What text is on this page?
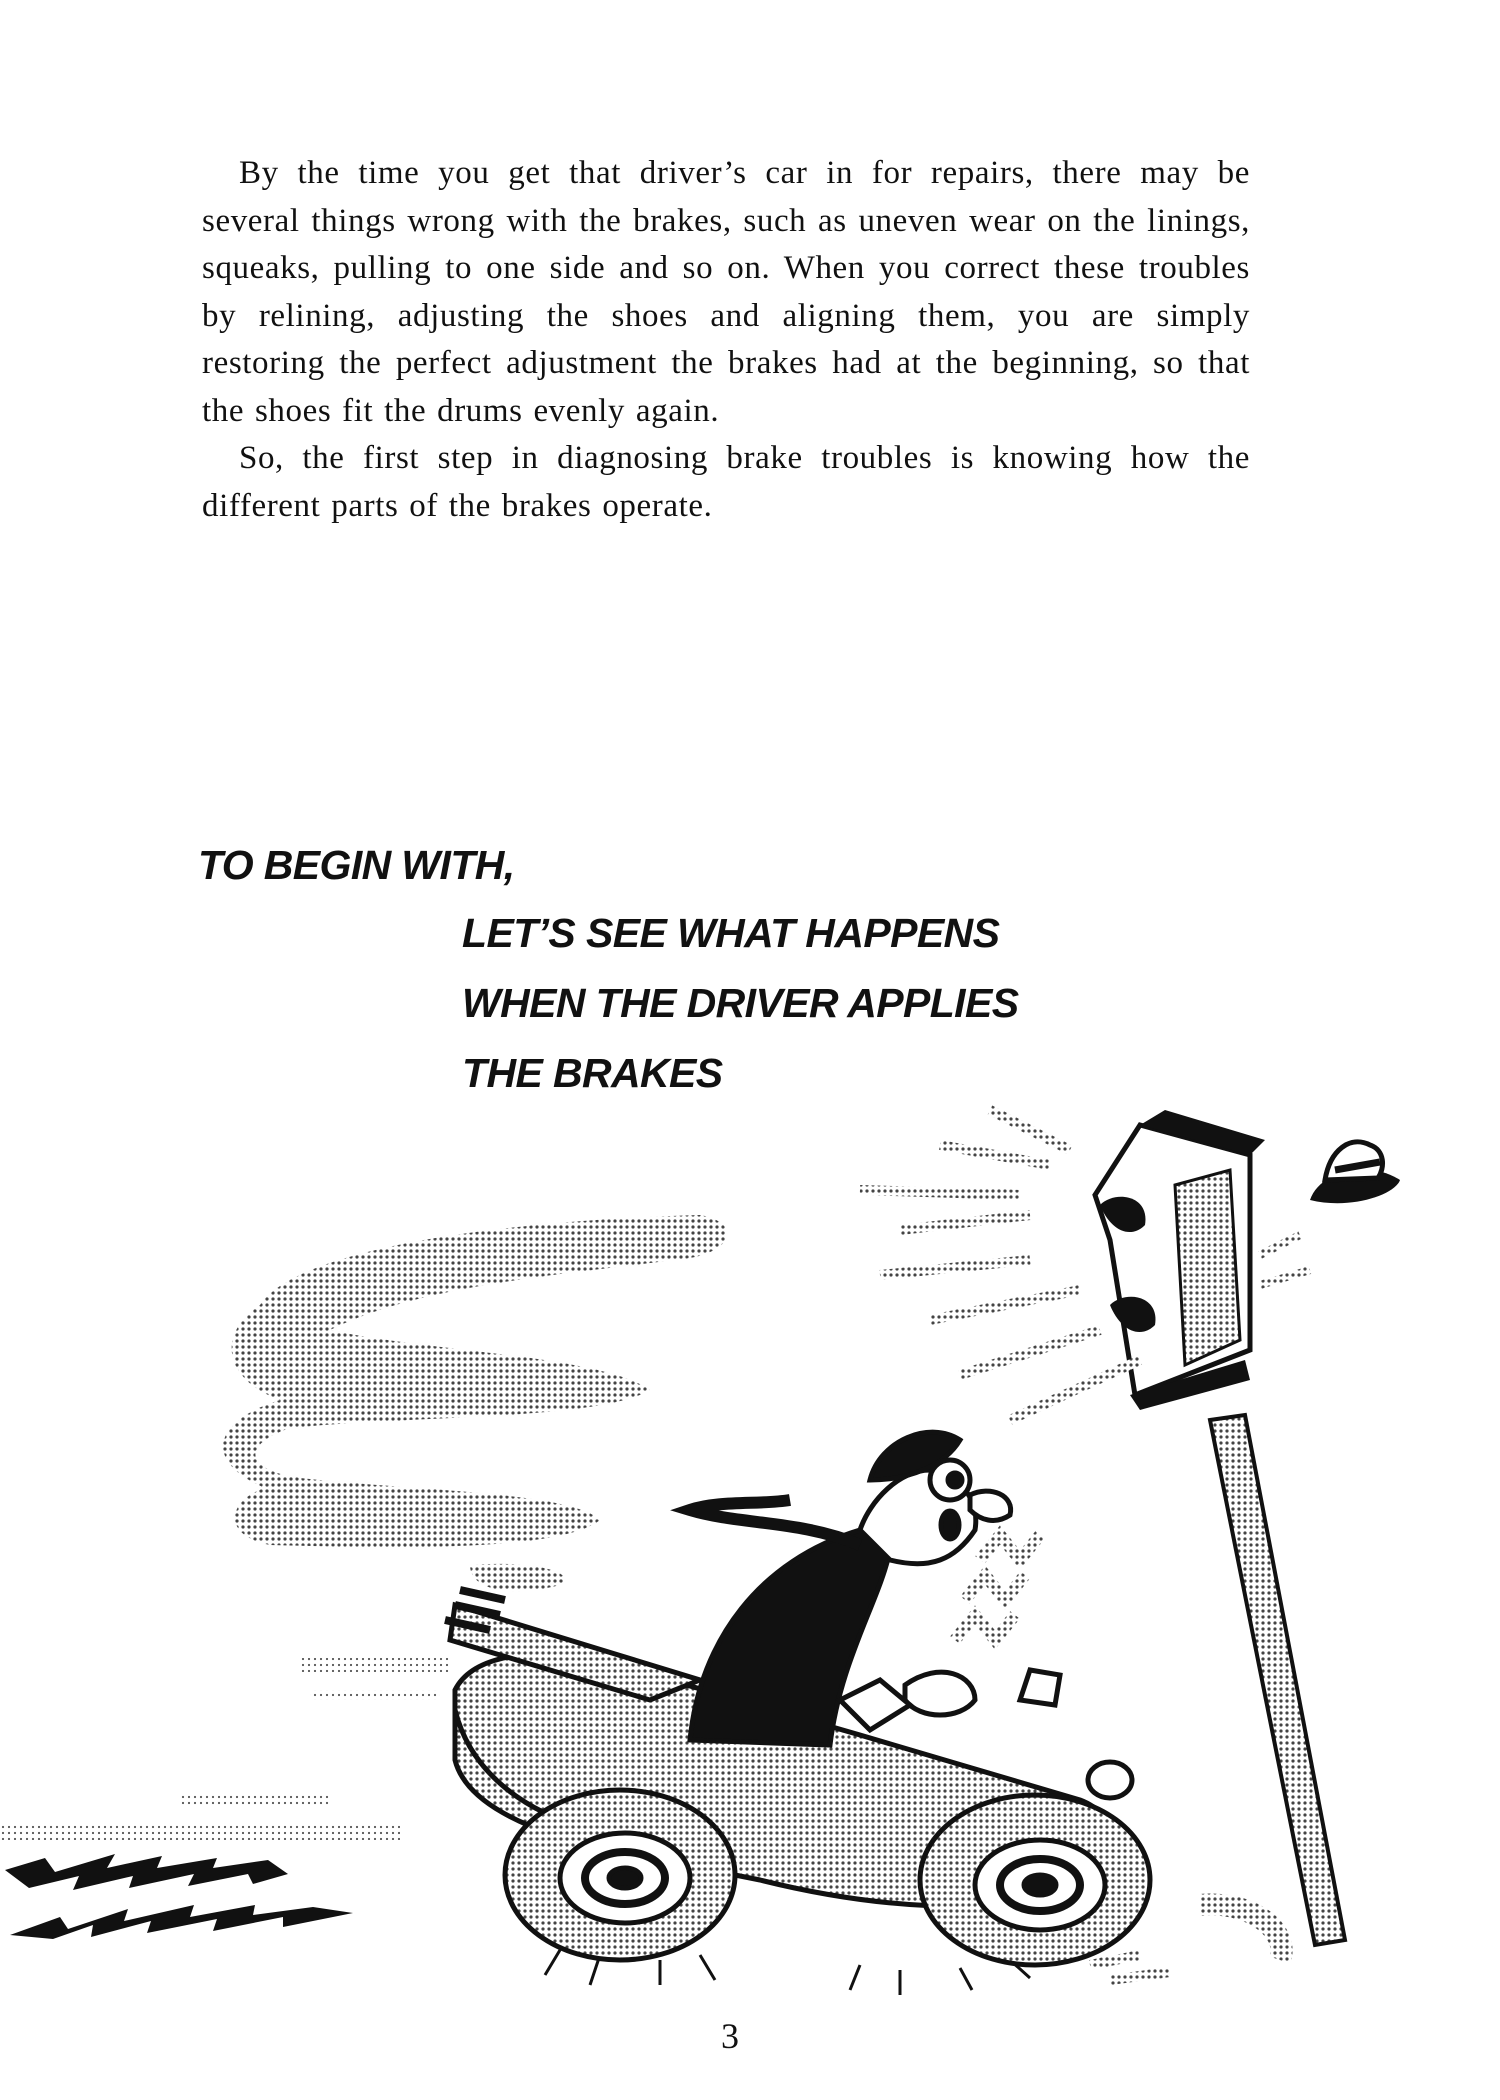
By the time you get that driver’s car in for repairs, there may be several things wrong with the brakes, such as uneven wear on the linings, squeaks, pulling to one side and so on. When you correct these troubles by relining, adjusting the shoes and aligning them, you are simply restoring the perfect adjustment the brakes had at the beginning, so that the shoes fit the drums evenly again.

So, the first step in diagnosing brake troubles is knowing how the different parts of the brakes operate.

TO BEGIN WITH,
LET’S SEE WHAT HAPPENS
WHEN THE DRIVER APPLIES
THE BRAKES
3
